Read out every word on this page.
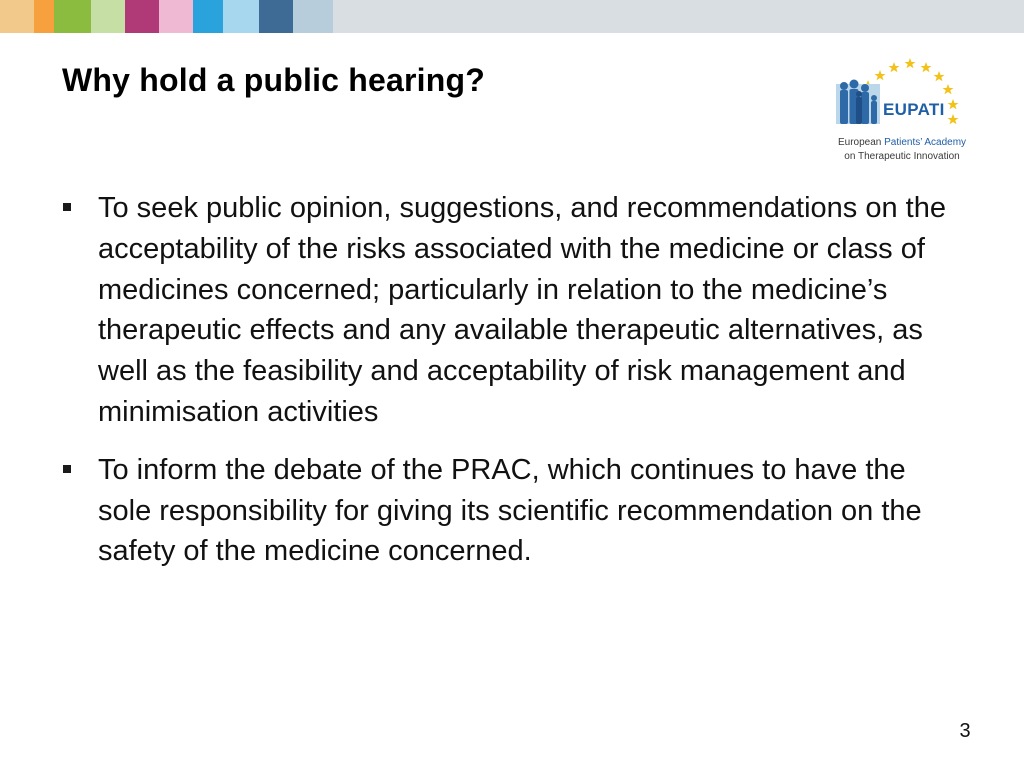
Why hold a public hearing?
EUPATI
European Patients’ Academy
on Therapeutic Innovation
To seek public opinion, suggestions, and recommendations on the acceptability of the risks associated with the medicine or class of medicines concerned; particularly in relation to the medicine’s therapeutic effects and any available therapeutic alternatives, as well as the feasibility and acceptability of risk management and minimisation activities
To inform the debate of the PRAC, which continues to have the sole responsibility for giving its scientific recommendation on the safety of the medicine concerned.
3
